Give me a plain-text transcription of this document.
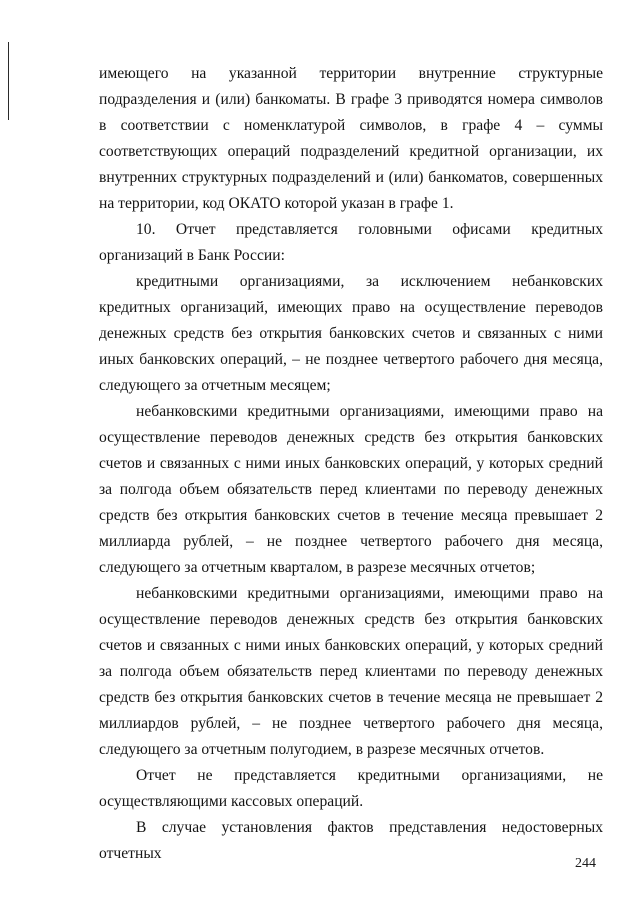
имеющего на указанной территории внутренние структурные подразделения и (или) банкоматы. В графе 3 приводятся номера символов в соответствии с номенклатурой символов, в графе 4 – суммы соответствующих операций подразделений кредитной организации, их внутренних структурных подразделений и (или) банкоматов, совершенных на территории, код ОКАТО которой указан в графе 1.

10. Отчет представляется головными офисами кредитных организаций в Банк России:

кредитными организациями, за исключением небанковских кредитных организаций, имеющих право на осуществление переводов денежных средств без открытия банковских счетов и связанных с ними иных банковских операций, – не позднее четвертого рабочего дня месяца, следующего за отчетным месяцем;

небанковскими кредитными организациями, имеющими право на осуществление переводов денежных средств без открытия банковских счетов и связанных с ними иных банковских операций, у которых средний за полгода объем обязательств перед клиентами по переводу денежных средств без открытия банковских счетов в течение месяца превышает 2 миллиарда рублей, – не позднее четвертого рабочего дня месяца, следующего за отчетным кварталом, в разрезе месячных отчетов;

небанковскими кредитными организациями, имеющими право на осуществление переводов денежных средств без открытия банковских счетов и связанных с ними иных банковских операций, у которых средний за полгода объем обязательств перед клиентами по переводу денежных средств без открытия банковских счетов в течение месяца не превышает 2 миллиардов рублей, – не позднее четвертого рабочего дня месяца, следующего за отчетным полугодием, в разрезе месячных отчетов.

Отчет не представляется кредитными организациями, не осуществляющими кассовых операций.

В случае установления фактов представления недостоверных отчетных

244
